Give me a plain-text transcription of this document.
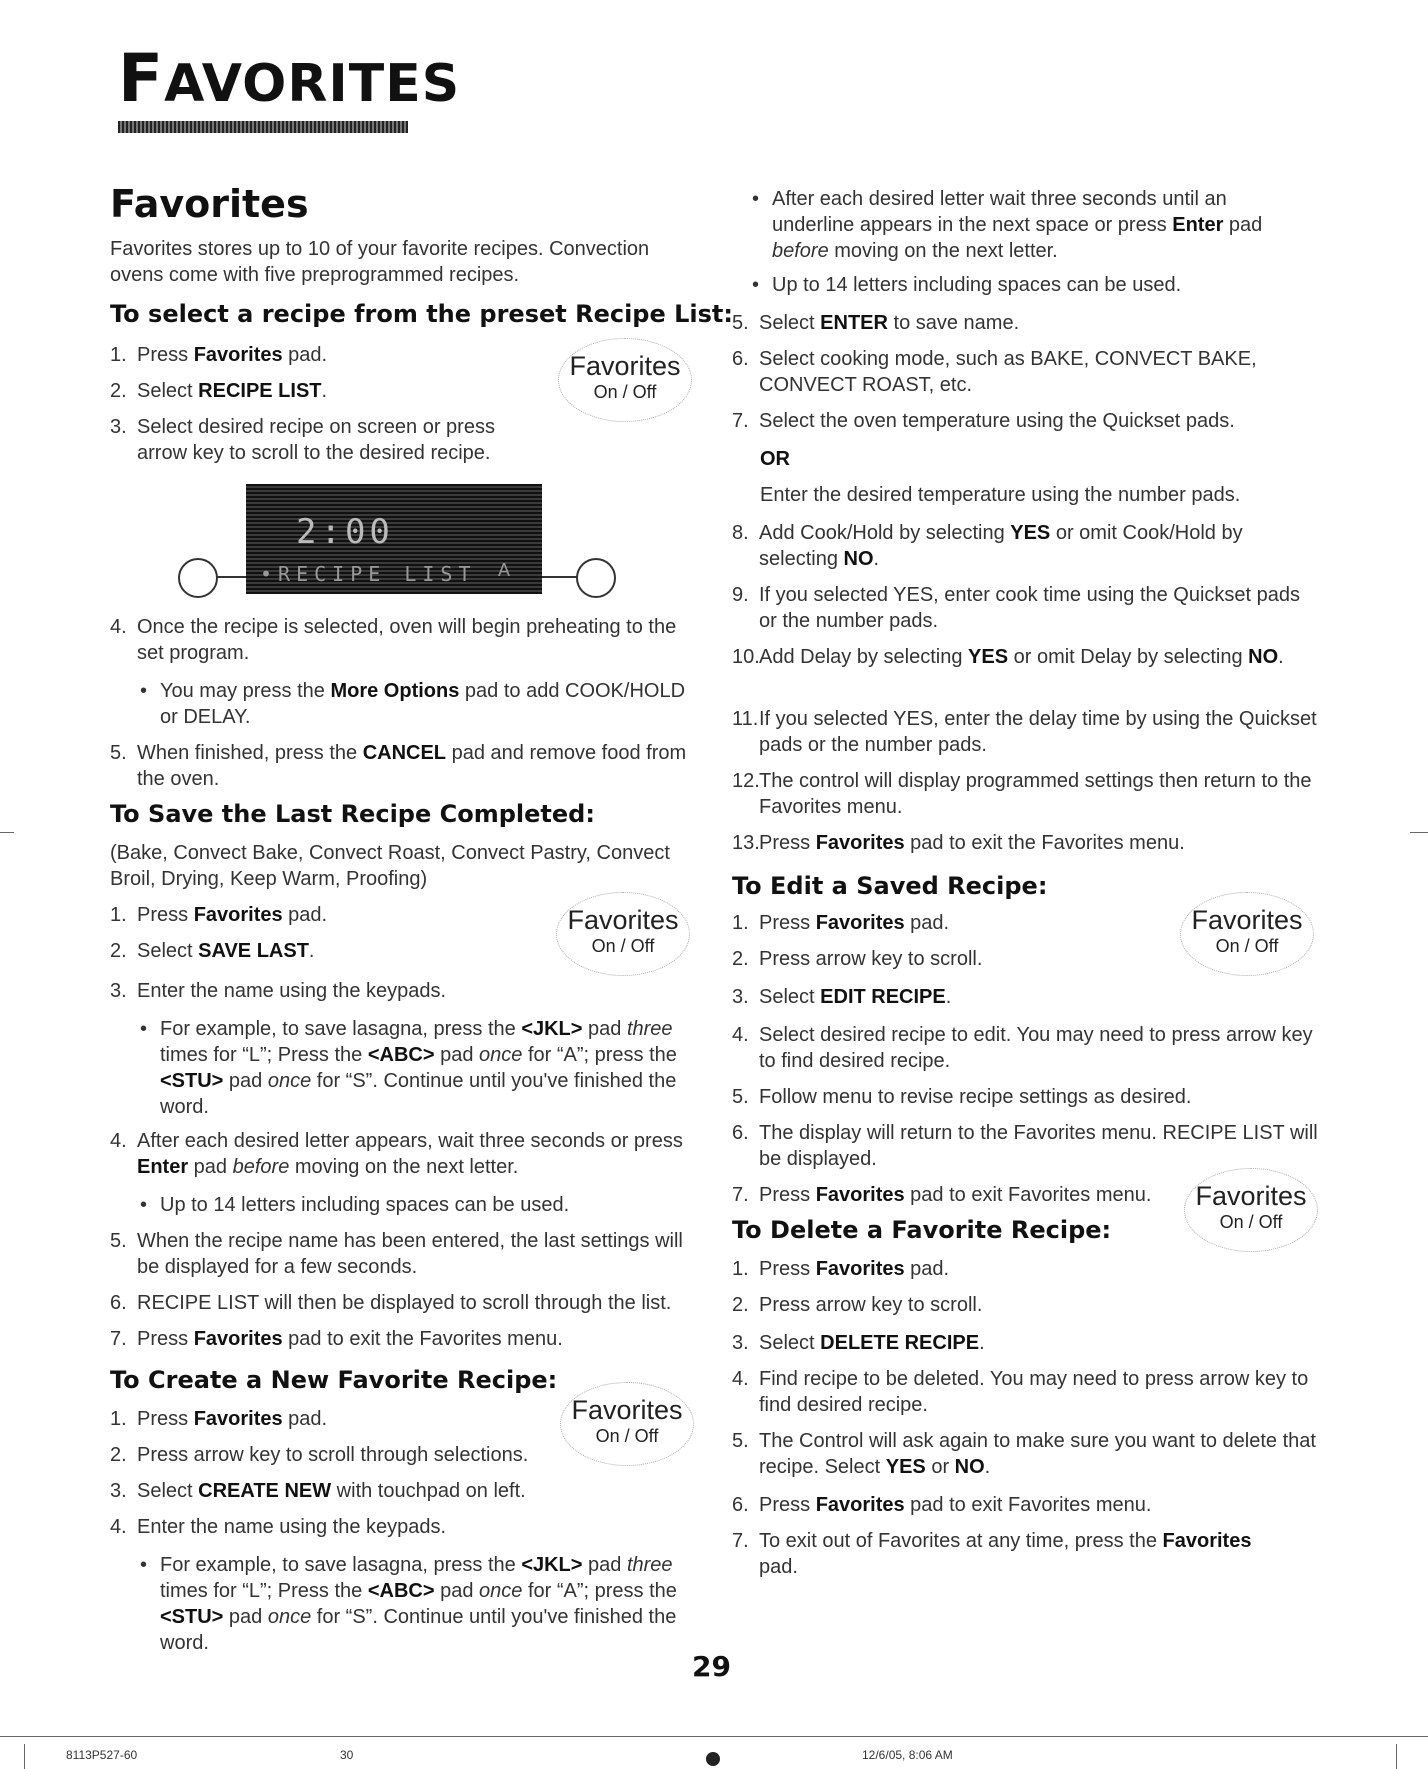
FAVORITES
Favorites
Favorites stores up to 10 of your favorite recipes. Convection ovens come with five preprogrammed recipes.
To select a recipe from the preset Recipe List:
1. Press Favorites pad.
2. Select RECIPE LIST.
Favorites
On / Off
3. Select desired recipe on screen or press arrow key to scroll to the desired recipe.
2:00
•RECIPE LIST A
4. Once the recipe is selected, oven will begin preheating to the set program.
• You may press the More Options pad to add COOK/HOLD or DELAY.
5. When finished, press the CANCEL pad and remove food from the oven.
To Save the Last Recipe Completed:
(Bake, Convect Bake, Convect Roast, Convect Pastry, Convect Broil, Drying, Keep Warm, Proofing)
1. Press Favorites pad.
2. Select SAVE LAST.
Favorites
On / Off
3. Enter the name using the keypads.
• For example, to save lasagna, press the <JKL> pad three times for “L”; Press the <ABC> pad once for “A”; press the <STU> pad once for “S”. Continue until you've finished the word.
4. After each desired letter appears, wait three seconds or press Enter pad before moving on the next letter.
• Up to 14 letters including spaces can be used.
5. When the recipe name has been entered, the last settings will be displayed for a few seconds.
6. RECIPE LIST will then be displayed to scroll through the list.
7. Press Favorites pad to exit the Favorites menu.
To Create a New Favorite Recipe:
1. Press Favorites pad.
2. Press arrow key to scroll through selections.
Favorites
On / Off
3. Select CREATE NEW with touchpad on left.
4. Enter the name using the keypads.
• For example, to save lasagna, press the <JKL> pad three times for “L”; Press the <ABC> pad once for “A”; press the <STU> pad once for “S”. Continue until you've finished the word.
• After each desired letter wait three seconds until an underline appears in the next space or press Enter pad before moving on the next letter.
• Up to 14 letters including spaces can be used.
5. Select ENTER to save name.
6. Select cooking mode, such as BAKE, CONVECT BAKE, CONVECT ROAST, etc.
7. Select the oven temperature using the Quickset pads.
OR
Enter the desired temperature using the number pads.
8. Add Cook/Hold by selecting YES or omit Cook/Hold by selecting NO.
9. If you selected YES, enter cook time using the Quickset pads or the number pads.
10. Add Delay by selecting YES or omit Delay by selecting NO.
11. If you selected YES, enter the delay time by using the Quickset pads or the number pads.
12. The control will display programmed settings then return to the Favorites menu.
13. Press Favorites pad to exit the Favorites menu.
To Edit a Saved Recipe:
1. Press Favorites pad.
2. Press arrow key to scroll.
Favorites
On / Off
3. Select EDIT RECIPE.
4. Select desired recipe to edit. You may need to press arrow key to find desired recipe.
5. Follow menu to revise recipe settings as desired.
6. The display will return to the Favorites menu. RECIPE LIST will be displayed.
7. Press Favorites pad to exit Favorites menu.	Favorites
On / Off
To Delete a Favorite Recipe:
1. Press Favorites pad.
2. Press arrow key to scroll.
3. Select DELETE RECIPE.
4. Find recipe to be deleted. You may need to press arrow key to find desired recipe.
5. The Control will ask again to make sure you want to delete that recipe. Select YES or NO.
6. Press Favorites pad to exit Favorites menu.
7. To exit out of Favorites at any time, press the Favorites pad.
29
8113P527-60	30	12/6/05, 8:06 AM
